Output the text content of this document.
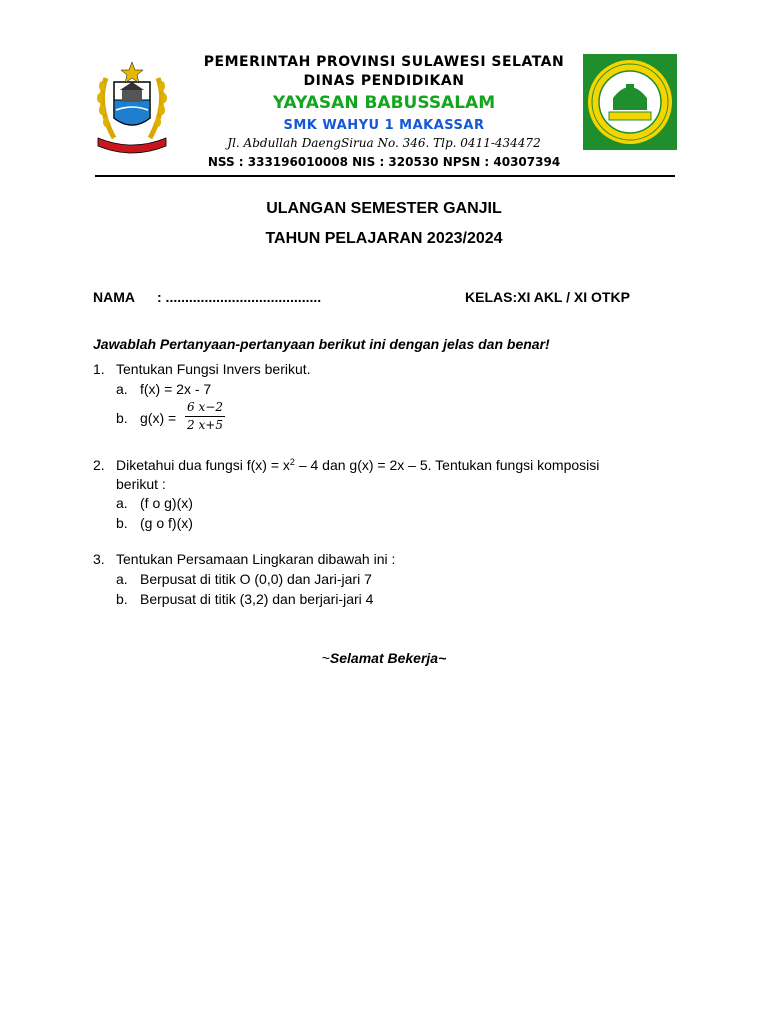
PEMERINTAH PROVINSI SULAWESI SELATAN
DINAS PENDIDIKAN
YAYASAN BABUSSALAM
SMK WAHYU 1 MAKASSAR
Jl. Abdullah DaengSirua No. 346. Tlp. 0411-434472
NSS : 333196010008 NIS : 320530 NPSN : 40307394
ULANGAN SEMESTER GANJIL
TAHUN PELAJARAN 2023/2024
NAMA : ........................................	KELAS:XI AKL / XI OTKP
Jawablah Pertanyaan-pertanyaan berikut ini dengan jelas dan benar!
1. Tentukan Fungsi Invers berikut.
a. f(x) = 2x - 7
b. g(x) =
6 x−2
2 x+5
2. Diketahui dua fungsi $f(x) = x^2 - 4$ dan g(x) = 2x – 5. Tentukan fungsi komposisi
berikut :
a. (f o g)(x)
b. (g o f)(x)
3. Tentukan Persamaan Lingkaran dibawah ini :
a. Berpusat di titik O (0,0) dan Jari-jari 7
b. Berpusat di titik (3,2) dan berjari-jari 4
~Selamat Bekerja~
